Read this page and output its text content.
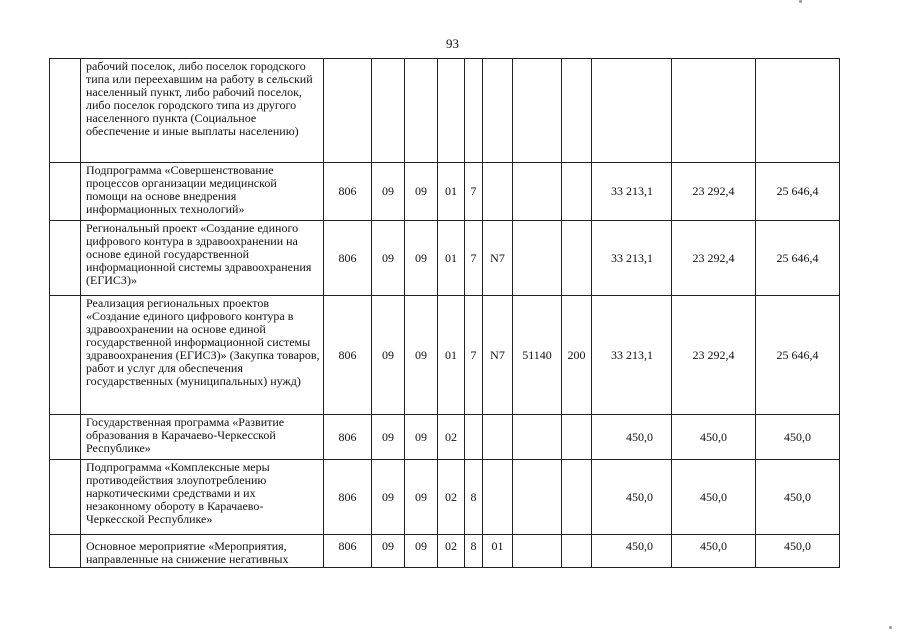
93
	рабочий поселок, либо поселок городского типа или переехавшим на работу в сельский населенный пункт, либо рабочий поселок, либо поселок городского типа из другого населенного пункта (Социальное обеспечение и иные выплаты населению)											
	Подпрограмма «Совершенствование процессов организации медицинской помощи на основе внедрения информационных технологий»	806	09	09	01	7				33 213,1	23 292,4	25 646,4
	Региональный проект «Создание единого цифрового контура в здравоохранении на основе единой государственной информационной системы здравоохранения (ЕГИСЗ)»	806	09	09	01	7	N7			33 213,1	23 292,4	25 646,4
	Реализация региональных проектов «Создание единого цифрового контура в здравоохранении на основе единой государственной информационной системы здравоохранения (ЕГИСЗ)» (Закупка товаров, работ и услуг для обеспечения государственных (муниципальных) нужд)	806	09	09	01	7	N7	51140	200	33 213,1	23 292,4	25 646,4
	Государственная программа «Развитие образования в Карачаево-Черкесской Республике»	806	09	09	02					450,0	450,0	450,0
	Подпрограмма «Комплексные меры противодействия злоупотреблению наркотическими средствами и их незаконному обороту в Карачаево-Черкесской Республике»	806	09	09	02	8				450,0	450,0	450,0
	Основное мероприятие «Мероприятия, направленные на снижение негативных	806	09	09	02	8	01			450,0	450,0	450,0
